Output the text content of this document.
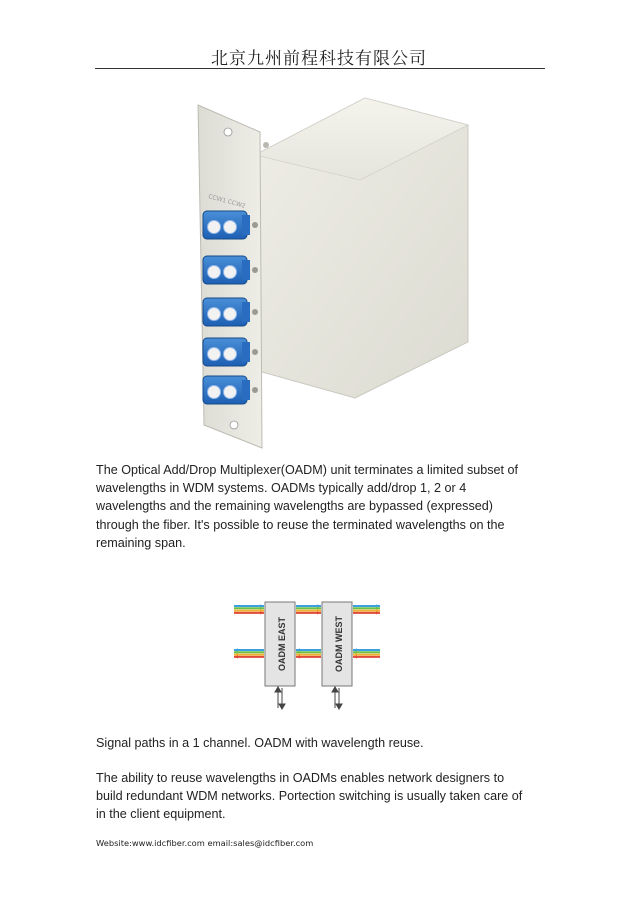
北京九州前程科技有限公司
CCW1 CCW2
The Optical Add/Drop Multiplexer(OADM) unit terminates a limited subset of
wavelengths in WDM systems. OADMs typically add/drop 1, 2 or 4
wavelengths and the remaining wavelengths are bypassed (expressed)
through the fiber. It's possible to reuse the terminated wavelengths on the
remaining span.
OADM EAST	OADM WEST
Signal paths in a 1 channel. OADM with wavelength reuse.
The ability to reuse wavelengths in OADMs enables network designers to
build redundant WDM networks. Portection switching is usually taken care of
in the client equipment.
Website:www.idcfiber.com email:sales@idcfiber.com
